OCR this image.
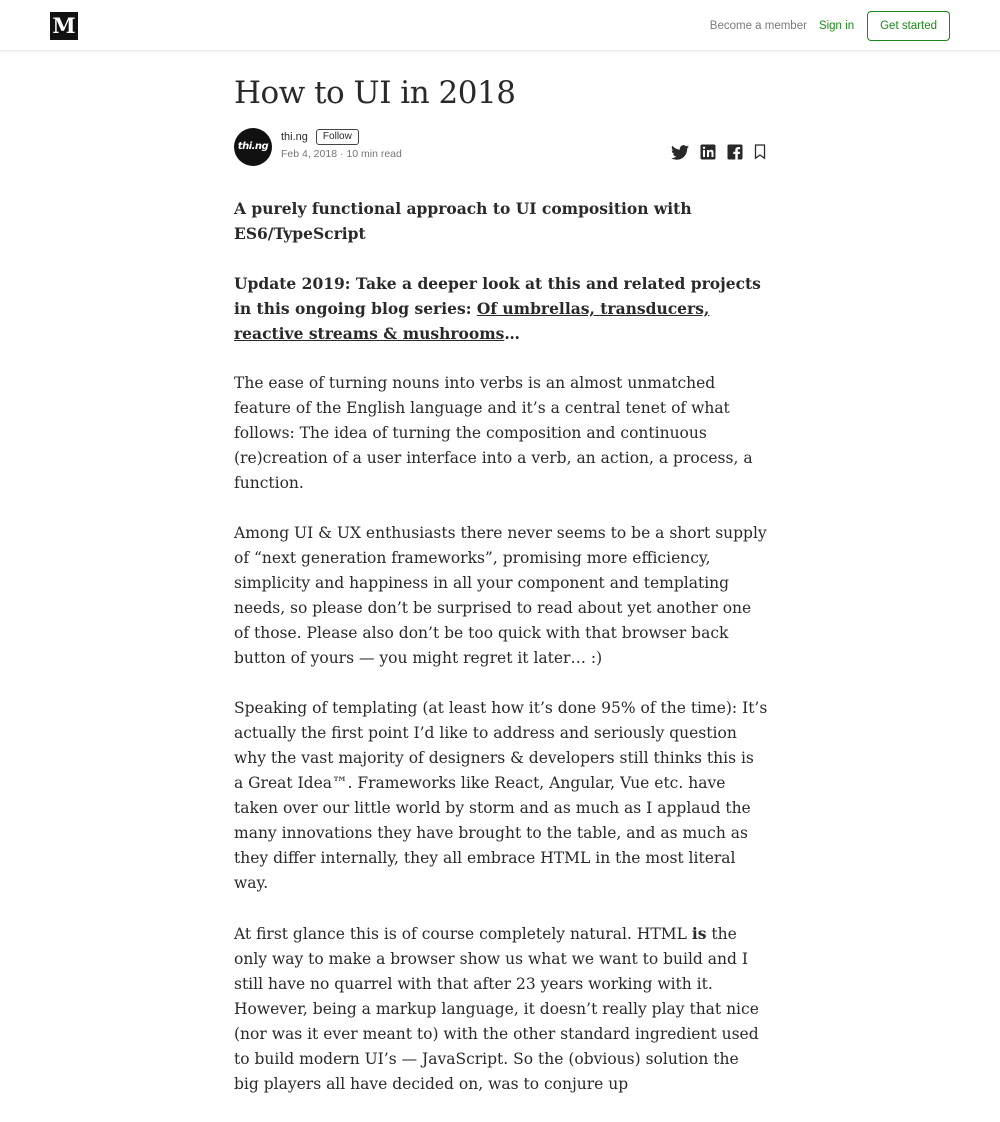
M	Become a member Sign in	Get started
How to UI in 2018
thi.ng
thi.ng	Follow
Feb 4, 2018 · 10 min read

A purely functional approach to UI composition with ES6/TypeScript

Update 2019: Take a deeper look at this and related projects in this ongoing blog series: Of umbrellas, transducers, reactive streams & mushrooms…

The ease of turning nouns into verbs is an almost unmatched feature of the English language and it’s a central tenet of what follows: The idea of turning the composition and continuous (re)creation of a user interface into a verb, an action, a process, a function.

Among UI & UX enthusiasts there never seems to be a short supply of “next generation frameworks”, promising more efficiency, simplicity and happiness in all your component and templating needs, so please don’t be surprised to read about yet another one of those. Please also don’t be too quick with that browser back button of yours — you might regret it later… :)

Speaking of templating (at least how it’s done 95% of the time): It’s actually the first point I’d like to address and seriously question why the vast majority of designers & developers still thinks this is a Great Idea™. Frameworks like React, Angular, Vue etc. have taken over our little world by storm and as much as I applaud the many innovations they have brought to the table, and as much as they differ internally, they all embrace HTML in the most literal way.

At first glance this is of course completely natural. HTML is the only way to make a browser show us what we want to build and I still have no quarrel with that after 23 years working with it. However, being a markup language, it doesn’t really play that nice (nor was it ever meant to) with the other standard ingredient used to build modern UI’s — JavaScript. So the (obvious) solution the big players all have decided on, was to conjure up
